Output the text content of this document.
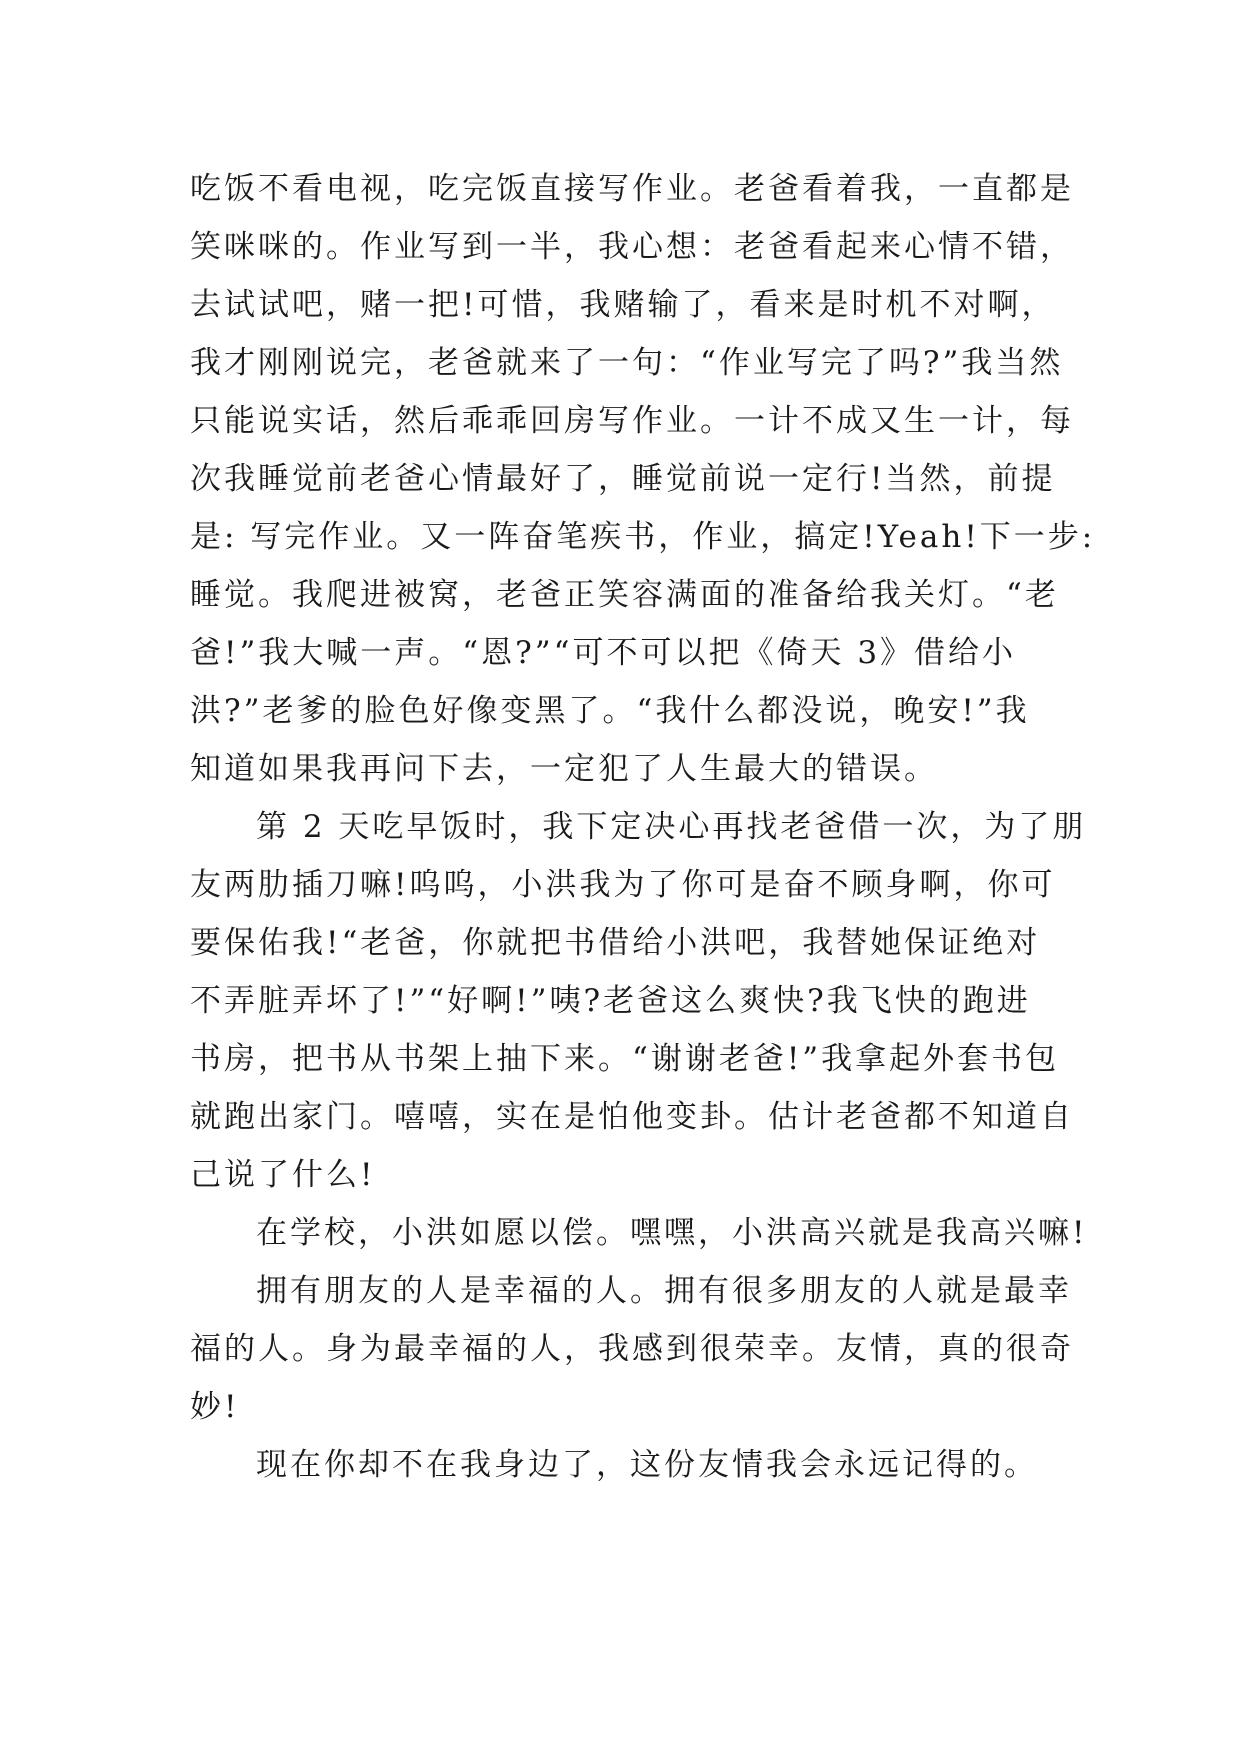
吃饭不看电视，吃完饭直接写作业。老爸看着我，一直都是
笑咪咪的。作业写到一半，我心想：老爸看起来心情不错，
去试试吧，赌一把!可惜，我赌输了，看来是时机不对啊，
我才刚刚说完，老爸就来了一句：“作业写完了吗?”我当然
只能说实话，然后乖乖回房写作业。一计不成又生一计，每
次我睡觉前老爸心情最好了，睡觉前说一定行!当然，前提
是: 写完作业。又一阵奋笔疾书，作业，搞定!Yeah!下一步:
睡觉。我爬进被窝，老爸正笑容满面的准备给我关灯。“老
爸!”我大喊一声。“恩?”“可不可以把《倚天 3》借给小
洪?”老爹的脸色好像变黑了。“我什么都没说，晚安!”我
知道如果我再问下去，一定犯了人生最大的错误。
第 2 天吃早饭时，我下定决心再找老爸借一次，为了朋
友两肋插刀嘛!呜呜，小洪我为了你可是奋不顾身啊，你可
要保佑我!“老爸，你就把书借给小洪吧，我替她保证绝对
不弄脏弄坏了!”“好啊!”咦?老爸这么爽快?我飞快的跑进
书房，把书从书架上抽下来。“谢谢老爸!”我拿起外套书包
就跑出家门。嘻嘻，实在是怕他变卦。估计老爸都不知道自
己说了什么!
在学校，小洪如愿以偿。嘿嘿，小洪高兴就是我高兴嘛!
拥有朋友的人是幸福的人。拥有很多朋友的人就是最幸
福的人。身为最幸福的人，我感到很荣幸。友情，真的很奇
妙!
现在你却不在我身边了，这份友情我会永远记得的。
